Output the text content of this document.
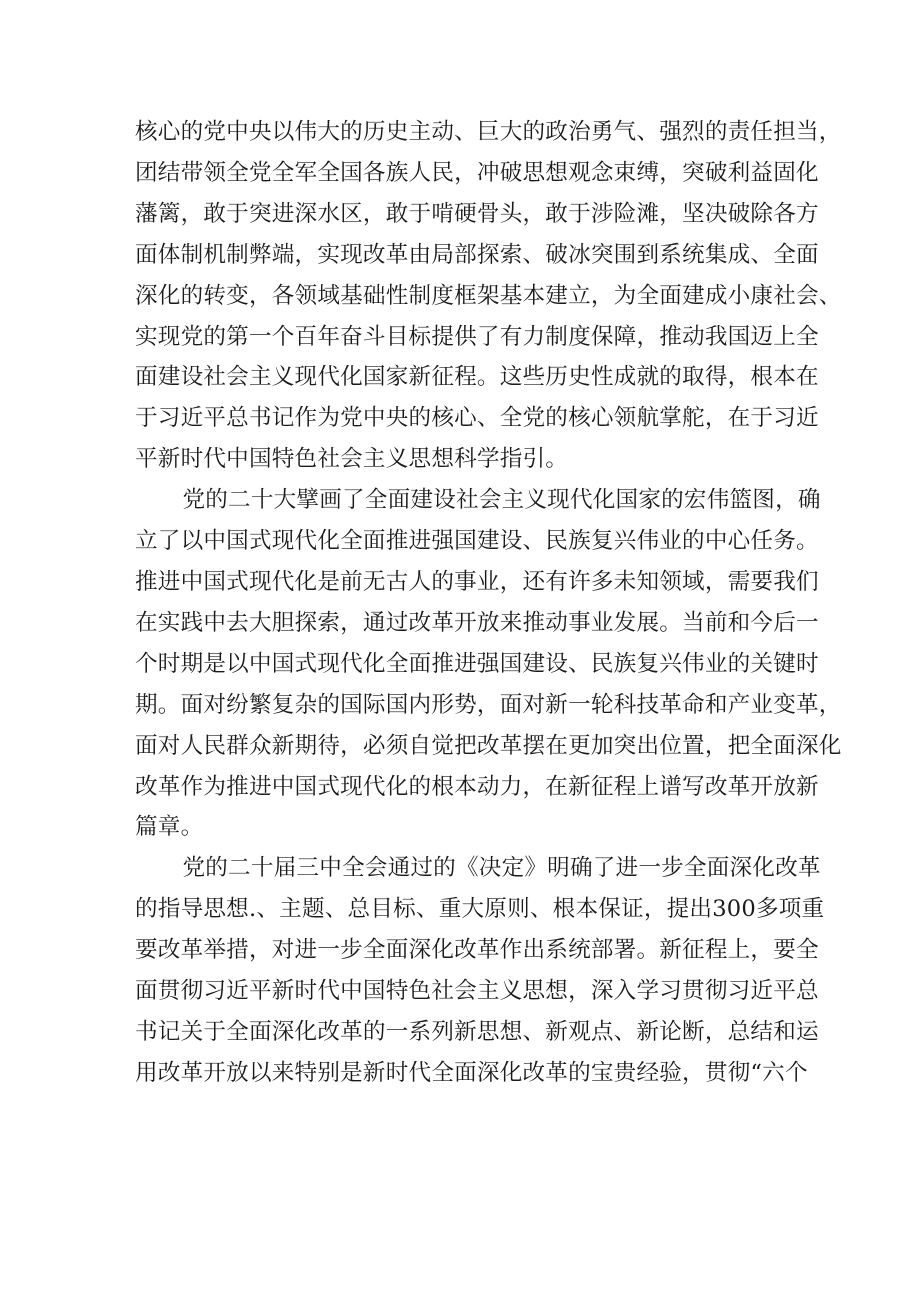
核心的党中央以伟大的历史主动、巨大的政治勇气、强烈的责任担当，
团结带领全党全军全国各族人民，冲破思想观念束缚，突破利益固化
藩篱，敢于突进深水区，敢于啃硬骨头，敢于涉险滩，坚决破除各方
面体制机制弊端，实现改革由局部探索、破冰突围到系统集成、全面
深化的转变，各领域基础性制度框架基本建立，为全面建成小康社会、
实现党的第一个百年奋斗目标提供了有力制度保障，推动我国迈上全
面建设社会主义现代化国家新征程。这些历史性成就的取得，根本在
于习近平总书记作为党中央的核心、全党的核心领航掌舵，在于习近
平新时代中国特色社会主义思想科学指引。

党的二十大擘画了全面建设社会主义现代化国家的宏伟篮图，确
立了以中国式现代化全面推进强国建设、民族复兴伟业的中心任务。
推进中国式现代化是前无古人的事业，还有许多未知领域，需要我们
在实践中去大胆探索，通过改革开放来推动事业发展。当前和今后一
个时期是以中国式现代化全面推进强国建设、民族复兴伟业的关键时
期。面对纷繁复杂的国际国内形势，面对新一轮科技革命和产业变革，
面对人民群众新期待，必须自觉把改革摆在更加突出位置，把全面深化
改革作为推进中国式现代化的根本动力，在新征程上谱写改革开放新
篇章。

党的二十届三中全会通过的《决定》明确了进一步全面深化改革
的指导思想.、主题、总目标、重大原则、根本保证，提出300多项重
要改革举措，对进一步全面深化改革作出系统部署。新征程上，要全
面贯彻习近平新时代中国特色社会主义思想，深入学习贯彻习近平总
书记关于全面深化改革的一系列新思想、新观点、新论断，总结和运
用改革开放以来特别是新时代全面深化改革的宝贵经验，贯彻“六个
